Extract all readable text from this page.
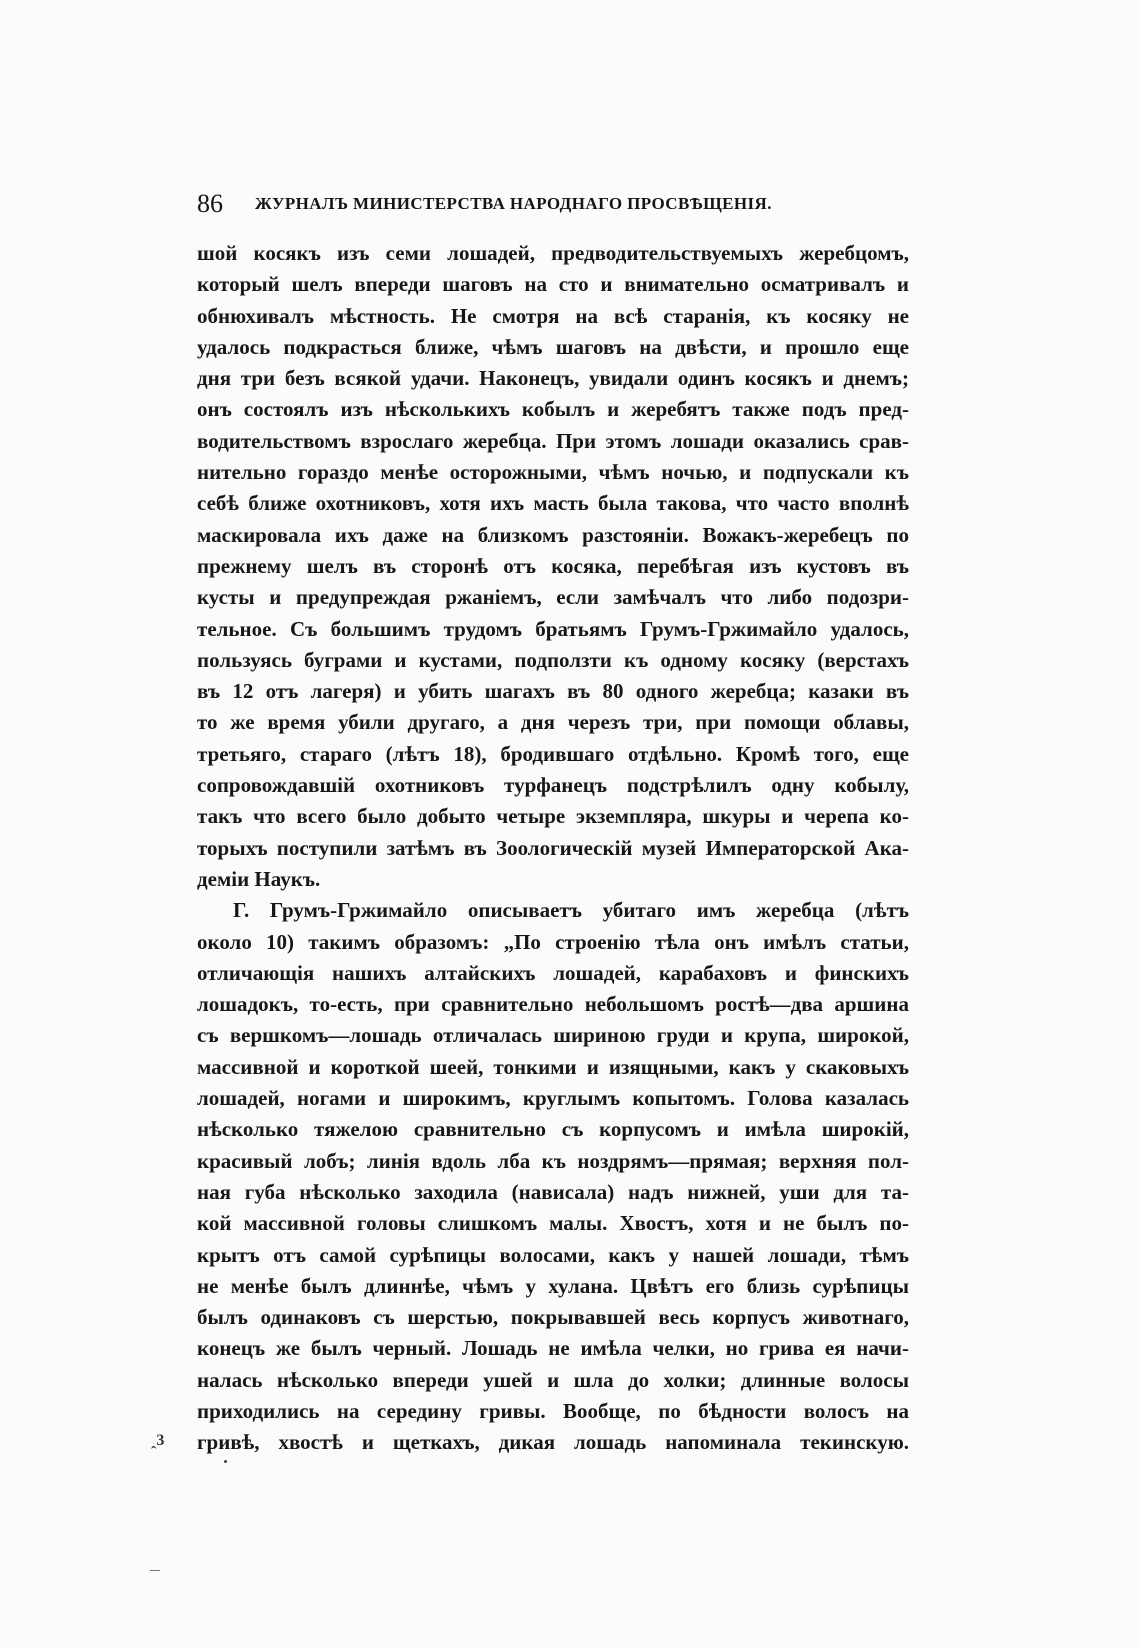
86 ЖУРНАЛЪ МИНИСТЕРСТВА НАРОДНАГО ПРОСВѢЩЕНІЯ.
шой косякъ изъ семи лошадей, предводительствуемыхъ жеребцомъ,
который шелъ впереди шаговъ на сто и внимательно осматривалъ и
обнюхивалъ мѣстность. Не смотря на всѣ старанія, къ косяку не
удалось подкрасться ближе, чѣмъ шаговъ на двѣсти, и прошло еще
дня три безъ всякой удачи. Наконецъ, увидали одинъ косякъ и днемъ;
онъ состоялъ изъ нѣсколькихъ кобылъ и жеребятъ также подъ пред-
водительствомъ взрослаго жеребца. При этомъ лошади оказались срав-
нительно гораздо менѣе осторожными, чѣмъ ночью, и подпускали къ
себѣ ближе охотниковъ, хотя ихъ масть была такова, что часто вполнѣ
маскировала ихъ даже на близкомъ разстояніи. Вожакъ-жеребецъ по
прежнему шелъ въ сторонѣ отъ косяка, перебѣгая изъ кустовъ въ
кусты и предупреждая ржаніемъ, если замѣчалъ что либо подозри-
тельное. Съ большимъ трудомъ братьямъ Грумъ-Гржимайло удалось,
пользуясь буграми и кустами, подползти къ одному косяку (верстахъ
въ 12 отъ лагеря) и убить шагахъ въ 80 одного жеребца; казаки въ
то же время убили другаго, а дня черезъ три, при помощи облавы,
третьяго, стараго (лѣтъ 18), бродившаго отдѣльно. Кромѣ того, еще
сопровождавшій охотниковъ турфанецъ подстрѣлилъ одну кобылу,
такъ что всего было добыто четыре экземпляра, шкуры и черепа ко-
торыхъ поступили затѣмъ въ Зоологическій музей Императорской Ака-
деміи Наукъ.
Г. Грумъ-Гржимайло описываетъ убитаго имъ жеребца (лѣтъ
около 10) такимъ образомъ: „По строенію тѣла онъ имѣлъ статьи,
отличающія нашихъ алтайскихъ лошадей, карабаховъ и финскихъ
лошадокъ, то-есть, при сравнительно небольшомъ ростѣ—два аршина
съ вершкомъ—лошадь отличалась шириною груди и крупа, широкой,
массивной и короткой шеей, тонкими и изящными, какъ у скаковыхъ
лошадей, ногами и широкимъ, круглымъ копытомъ. Голова казалась
нѣсколько тяжелою сравнительно съ корпусомъ и имѣла широкій,
красивый лобъ; линія вдоль лба къ ноздрямъ—прямая; верхняя пол-
ная губа нѣсколько заходила (нависала) надъ нижней, уши для та-
кой массивной головы слишкомъ малы. Хвостъ, хотя и не былъ по-
крытъ отъ самой сурѣпицы волосами, какъ у нашей лошади, тѣмъ
не менѣе былъ длиннѣе, чѣмъ у хулана. Цвѣтъ его близь сурѣпицы
былъ одинаковъ съ шерстью, покрывавшей весь корпусъ животнаго,
конецъ же былъ черный. Лошадь не имѣла челки, но грива ея начи-
налась нѣсколько впереди ушей и шла до холки; длинные волосы
приходились на середину гривы. Вообще, по бѣдности волосъ на
гривѣ, хвостѣ и щеткахъ, дикая лошадь напоминала текинскую.
ꞈ3
